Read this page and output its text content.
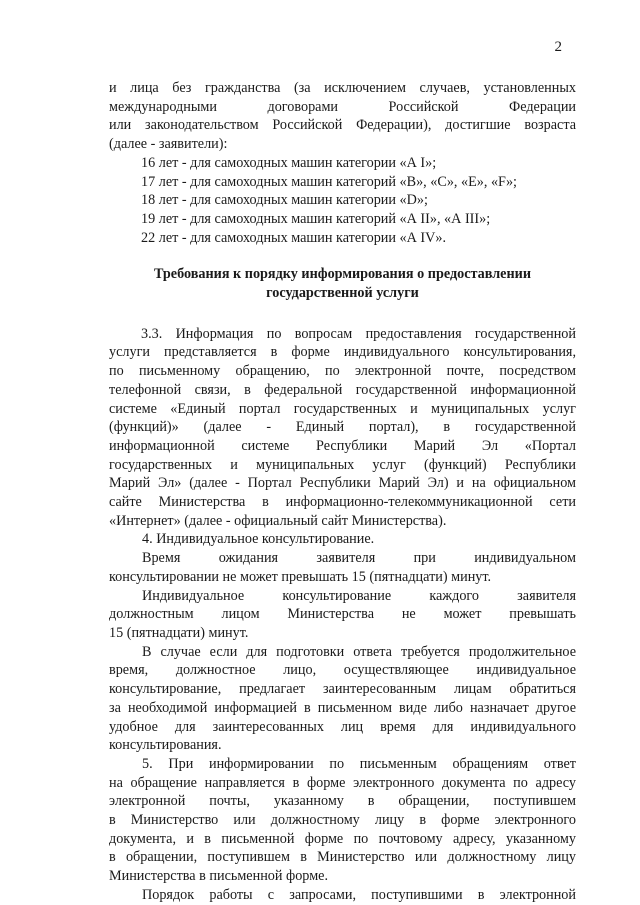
2
и лица без гражданства (за исключением случаев, установленных
международными договорами Российской Федерации
или законодательством Российской Федерации), достигшие возраста
(далее - заявители):
16 лет - для самоходных машин категории «А I»;
17 лет - для самоходных машин категорий «В», «С», «Е», «F»;
18 лет - для самоходных машин категории «D»;
19 лет - для самоходных машин категорий «А II», «А III»;
22 лет - для самоходных машин категории «А IV».
Требования к порядку информирования о предоставлении
государственной услуги
3.3. Информация по вопросам предоставления государственной
услуги представляется в форме индивидуального консультирования,
по письменному обращению, по электронной почте, посредством
телефонной связи, в федеральной государственной информационной
системе «Единый портал государственных и муниципальных услуг
(функций)» (далее - Единый портал), в государственной
информационной системе Республики Марий Эл «Портал
государственных и муниципальных услуг (функций) Республики
Марий Эл» (далее - Портал Республики Марий Эл) и на официальном
сайте Министерства в информационно-телекоммуникационной сети
«Интернет» (далее - официальный сайт Министерства).
4. Индивидуальное консультирование.
Время ожидания заявителя при индивидуальном
консультировании не может превышать 15 (пятнадцати) минут.
Индивидуальное консультирование каждого заявителя
должностным лицом Министерства не может превышать
15 (пятнадцати) минут.
В случае если для подготовки ответа требуется продолжительное
время, должностное лицо, осуществляющее индивидуальное
консультирование, предлагает заинтересованным лицам обратиться
за необходимой информацией в письменном виде либо назначает другое
удобное для заинтересованных лиц время для индивидуального
консультирования.
5. При информировании по письменным обращениям ответ
на обращение направляется в форме электронного документа по адресу
электронной почты, указанному в обращении, поступившем
в Министерство или должностному лицу в форме электронного
документа, и в письменной форме по почтовому адресу, указанному
в обращении, поступившем в Министерство или должностному лицу
Министерства в письменной форме.
Порядок работы с запросами, поступившими в электронной
